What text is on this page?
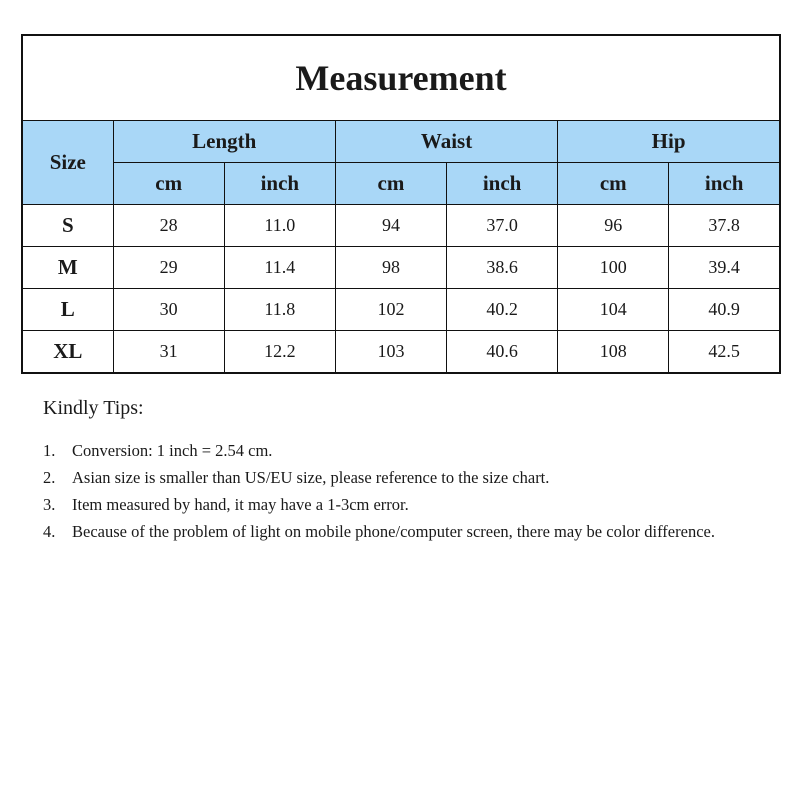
Measurement						
Size	Length		Waist		Hip	
	cm	inch	cm	inch	cm	inch
S	28	11.0	94	37.0	96	37.8
M	29	11.4	98	38.6	100	39.4
L	30	11.8	102	40.2	104	40.9
XL	31	12.2	103	40.6	108	42.5

Kindly Tips:

1.	Conversion: 1 inch = 2.54 cm.
2.	Asian size is smaller than US/EU size, please reference to the size chart.
3.	Item measured by hand, it may have a 1-3cm error.
4.	Because of the problem of light on mobile phone/computer screen, there may be color difference.
